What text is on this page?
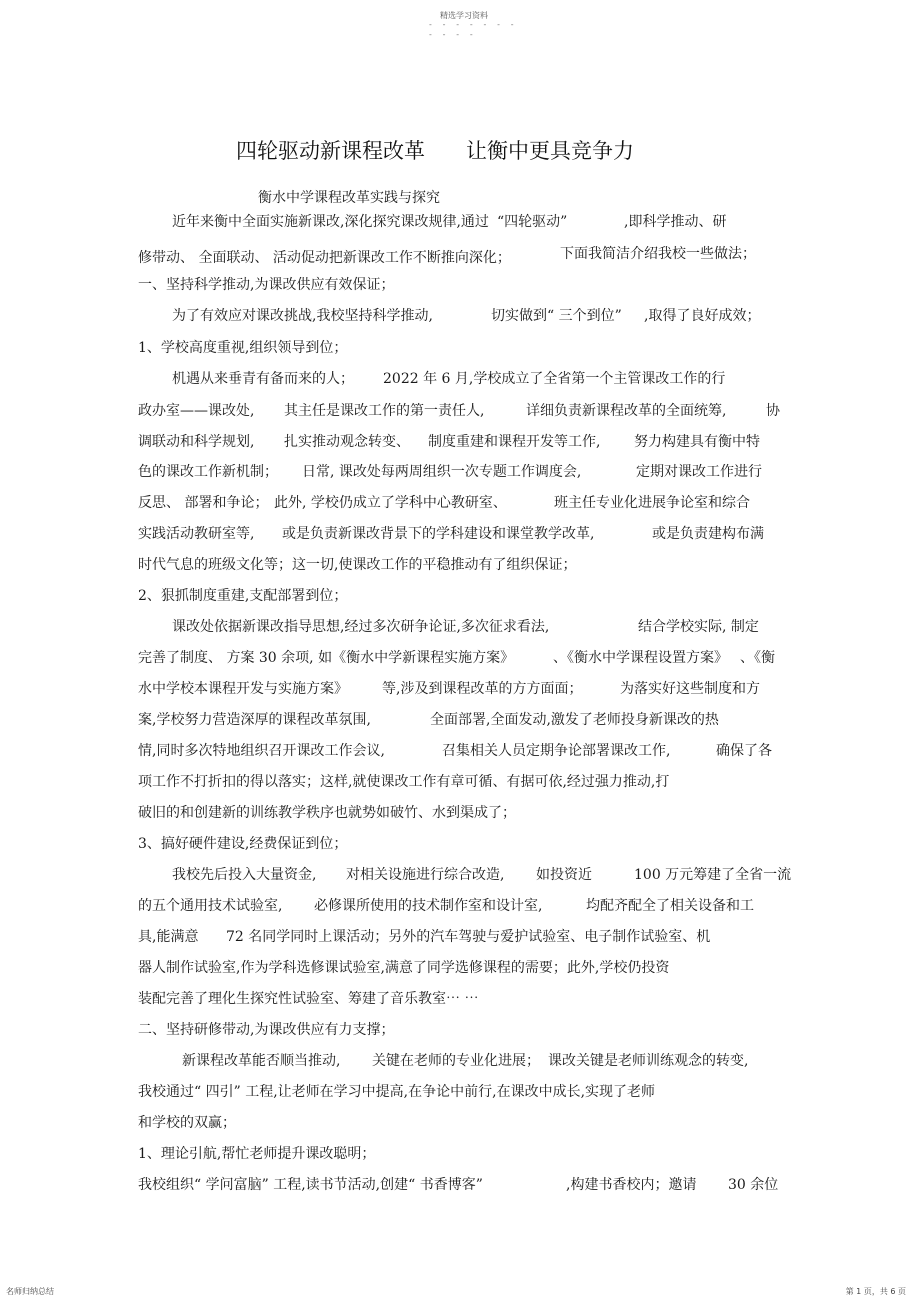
精选学习资料
- - - - - - -
- - - -
四轮驱动新课程改革 让衡中更具竞争力
衡水中学课程改革实践与探究
近年来衡中全面实施新课改,深化探究课改规律,通过 “四轮驱动”	,即科学推动、研
修带动、 全面联动、 活动促动把新课改工作不断推向深化；	下面我简洁介绍我校一些做法；
一、坚持科学推动,为课改供应有效保证；
为了有效应对课改挑战,我校坚持科学推动,	切实做到“ 三个到位” ,取得了良好成效；
1、学校高度重视,组织领导到位；
机遇从来垂青有备而来的人； 2022 年 6 月,学校成立了全省第一个主管课改工作的行
政办室——课改处, 其主任是课改工作的第一责任人,	详细负责新课程改革的全面统筹,	协
调联动和科学规划, 扎实推动观念转变、 制度重建和课程开发等工作, 努力构建具有衡中特
色的课改工作新机制； 日常, 课改处每两周组织一次专题工作调度会,	定期对课改工作进行
反思、 部署和争论； 此外, 学校仍成立了学科中心教研室、	班主任专业化进展争论室和综合
实践活动教研室等, 或是负责新课改背景下的学科建设和课堂教学改革,	或是负责建构布满
时代气息的班级文化等；这一切,使课改工作的平稳推动有了组织保证；
2、狠抓制度重建,支配部署到位；
课改处依据新课改指导思想,经过多次研争论证,多次征求看法,	结合学校实际, 制定
完善了制度、 方案 30 余项, 如《衡水中学新课程实施方案》	、《衡水中学课程设置方案》 、《衡
水中学校本课程开发与实施方案》 等,涉及到课程改革的方方面面；	为落实好这些制度和方
案,学校努力营造深厚的课程改革氛围,	全面部署,全面发动,激发了老师投身新课改的热
情,同时多次特地组织召开课改工作会议,	召集相关人员定期争论部署课改工作,	确保了各
项工作不打折扣的得以落实；这样,就使课改工作有章可循、有据可依,经过强力推动,打
破旧的和创建新的训练教学秩序也就势如破竹、水到渠成了；
3、搞好硬件建设,经费保证到位；
我校先后投入大量资金, 对相关设施进行综合改造, 如投资近	100 万元筹建了全省一流
的五个通用技术试验室, 必修课所使用的技术制作室和设计室,	均配齐配全了相关设备和工
具,能满意 72 名同学同时上课活动；另外的汽车驾驶与爱护试验室、电子制作试验室、机
器人制作试验室,作为学科选修课试验室,满意了同学选修课程的需要；此外,学校仍投资
装配完善了理化生探究性试验室、筹建了音乐教室⋯ ⋯
二、坚持研修带动,为课改供应有力支撑；
新课程改革能否顺当推动, 关键在老师的专业化进展； 课改关键是老师训练观念的转变,
我校通过“ 四引” 工程,让老师在学习中提高,在争论中前行,在课改中成长,实现了老师
和学校的双赢；
1、理论引航,帮忙老师提升课改聪明；
我校组织“ 学问富脑” 工程,读书节活动,创建“ 书香博客”	,构建书香校内；邀请 30 余位
名师归纳总结	第 1 页，共 6 页
